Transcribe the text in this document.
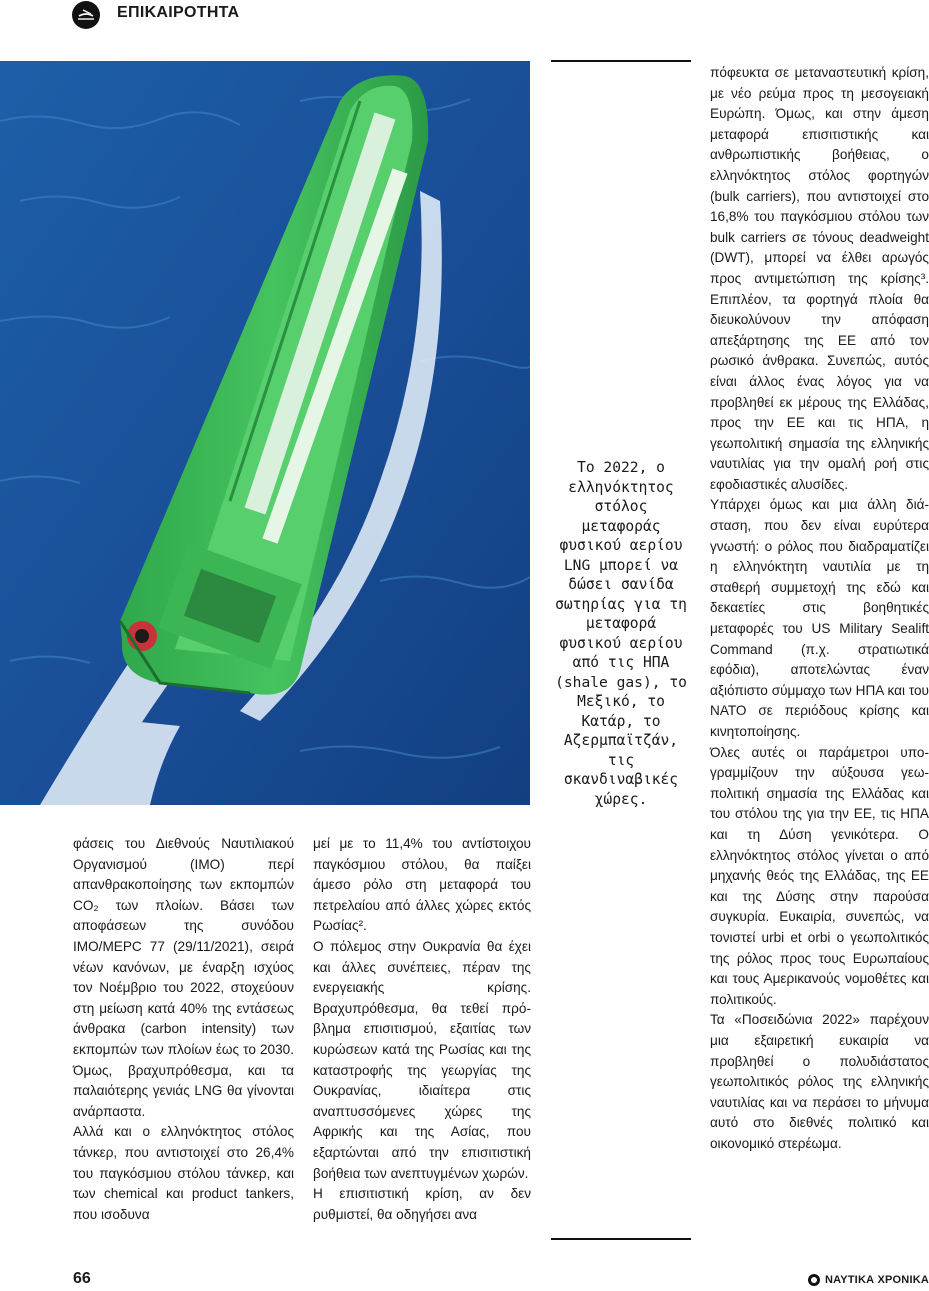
ΕΠΙΚΑΙΡΟΤΗΤΑ

φάσεις του Διεθνούς Ναυτιλιακού Οργανισμού (IMO) περί απανθρακοποίησης των εκπομπών CO₂ των πλοίων. Βάσει των αποφάσεων της συνόδου IMO/MEPC 77 (29/11/2021), σειρά νέων κανόνων, με έναρξη ισχύος τον Νοέμβριο του 2022, στοχεύουν στη μείωση κατά 40% της εντάσεως άνθρακα (carbon intensity) των εκπομπών των πλοίων έως το 2030. Όμως, βραχυπρόθεσμα, και τα παλαιότερης γενιάς LNG θα γίνονται ανάρπαστα.

Αλλά και ο ελληνόκτητος στόλος τάνκερ, που αντιστοιχεί στο 26,4% του παγκόσμιου στόλου τάνκερ, και των chemical και product tankers, που ισοδυνα

μεί με το 11,4% του αντίστοιχου παγκόσμιου στόλου, θα παίξει άμεσο ρόλο στη μεταφορά του πετρελαίου από άλλες χώρες εκτός Ρωσίας².

Ο πόλεμος στην Ουκρανία θα έχει και άλλες συνέπειες, πέραν της ενεργειακής κρίσης. Βραχυπρόθεσμα, θα τεθεί πρόβλημα επισιτισμού, εξαιτίας των κυρώσεων κατά της Ρωσίας και της καταστροφής της γεωργίας της Ουκρανίας, ιδιαίτερα στις αναπτυσσόμενες χώρες της Αφρικής και της Ασίας, που εξαρτώνται από την επισιτιστική βοήθεια των ανεπτυγμένων χωρών.

Η επισιτιστική κρίση, αν δεν ρυθμιστεί, θα οδηγήσει ανα

Το 2022, ο ελληνόκτητος στόλος μεταφοράς φυσικού αερίου LNG μπορεί να δώσει σανίδα σωτηρίας για τη μεταφορά φυσικού αερίου από τις ΗΠΑ (shale gas), το Μεξικό, το Κατάρ, το Αζερμπαϊτζάν, τις σκανδιναβικές χώρες.

πόφευκτα σε μεταναστευτική κρίση, με νέο ρεύμα προς τη μεσογειακή Ευρώπη. Όμως, και στην άμεση μεταφορά επισιτιστικής και ανθρωπιστικής βοήθειας, ο ελληνόκτητος στόλος φορτηγών (bulk carriers), που αντιστοιχεί στο 16,8% του παγκόσμιου στόλου των bulk carriers σε τόνους deadweight (DWT), μπορεί να έλθει αρωγός προς αντιμετώπιση της κρίσης³. Επιπλέον, τα φορτηγά πλοία θα διευκολύνουν την απόφαση απεξάρτησης της ΕΕ από τον ρωσικό άνθρακα. Συνεπώς, αυτός είναι άλλος ένας λόγος για να προβληθεί εκ μέρους της Ελλάδας, προς την ΕΕ και τις ΗΠΑ, η γεωπολιτική σημασία της ελληνικής ναυτιλίας για την ομαλή ροή στις εφοδιαστικές αλυσίδες.

Υπάρχει όμως και μια άλλη διάσταση, που δεν είναι ευρύτερα γνωστή: ο ρόλος που διαδραματίζει η ελληνόκτητη ναυτιλία με τη σταθερή συμμετοχή της εδώ και δεκαετίες στις βοηθητικές μεταφορές του US Military Sealift Command (π.χ. στρατιωτικά εφόδια), αποτελώντας έναν αξιόπιστο σύμμαχο των ΗΠΑ και του ΝΑΤΟ σε περιόδους κρίσης και κινητοποίησης.

Όλες αυτές οι παράμετροι υπογραμμίζουν την αύξουσα γεωπολιτική σημασία της Ελλάδας και του στόλου της για την ΕΕ, τις ΗΠΑ και τη Δύση γενικότερα. Ο ελληνόκτητος στόλος γίνεται ο από μηχανής θεός της Ελλάδας, της ΕΕ και της Δύσης στην παρούσα συγκυρία. Ευκαιρία, συνεπώς, να τονιστεί urbi et orbi ο γεωπολιτικός της ρόλος προς τους Ευρωπαίους και τους Αμερικανούς νομοθέτες και πολιτικούς.

Τα «Ποσειδώνια 2022» παρέχουν μια εξαιρετική ευκαιρία να προβληθεί ο πολυδιάστατος γεωπολιτικός ρόλος της ελληνικής ναυτιλίας και να περάσει το μήνυμα αυτό στο διεθνές πολιτικό και οικονομικό στερέωμα.

66	ΝΑΥΤΙΚΑ ΧΡΟΝΙΚΑ
